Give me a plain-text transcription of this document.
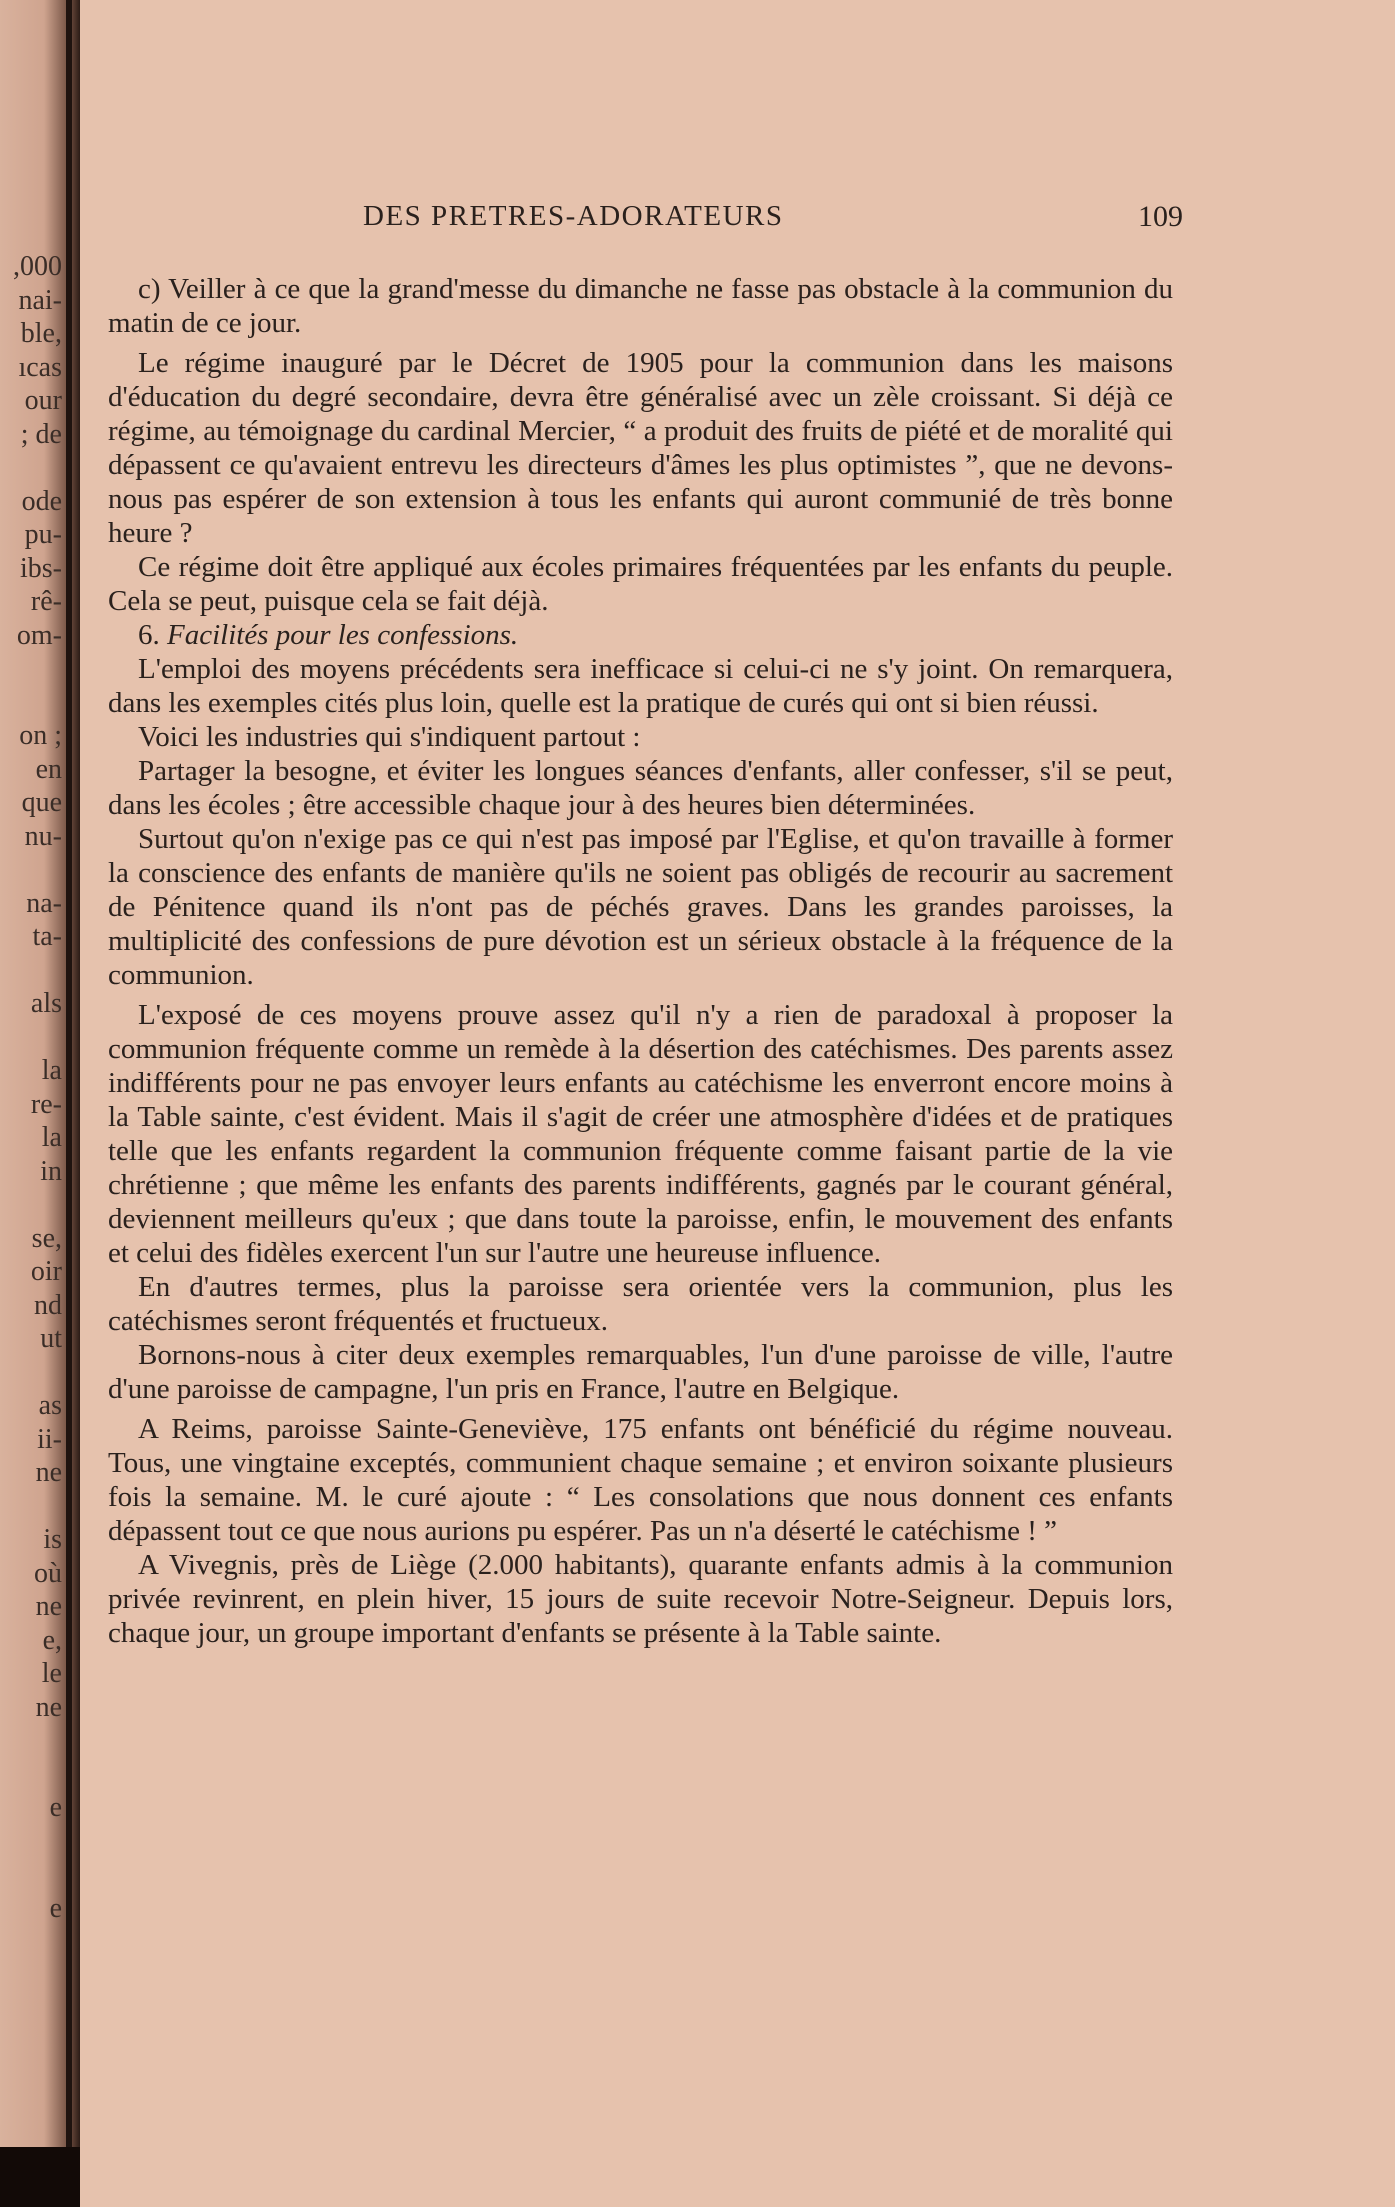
,000
nai-
ble,
ıcas
our
; de
ode
pu-
ibs-
rê-
om-
on ;
en
que
nu-
na-
ta-
als
la
re-
la
in
se,
oir
nd
ut
as
ii-
ne
is
où
ne
e,
le
ne
e
e
DES PRETRES-ADORATEURS	109

c) Veiller à ce que la grand'messe du dimanche ne fasse pas obstacle à la communion du matin de ce jour.

Le régime inauguré par le Décret de 1905 pour la communion dans les maisons d'éducation du degré secondaire, devra être généralisé avec un zèle croissant. Si déjà ce régime, au témoignage du cardinal Mercier, “ a produit des fruits de piété et de moralité qui dépassent ce qu'avaient entrevu les directeurs d'âmes les plus optimistes ”, que ne devons-nous pas espérer de son extension à tous les enfants qui auront communié de très bonne heure ?

Ce régime doit être appliqué aux écoles primaires fréquentées par les enfants du peuple. Cela se peut, puisque cela se fait déjà.

6. Facilités pour les confessions.

L'emploi des moyens précédents sera inefficace si celui-ci ne s'y joint. On remarquera, dans les exemples cités plus loin, quelle est la pratique de curés qui ont si bien réussi.

Voici les industries qui s'indiquent partout :

Partager la besogne, et éviter les longues séances d'enfants, aller confesser, s'il se peut, dans les écoles ; être accessible chaque jour à des heures bien déterminées.

Surtout qu'on n'exige pas ce qui n'est pas imposé par l'Eglise, et qu'on travaille à former la conscience des enfants de manière qu'ils ne soient pas obligés de recourir au sacrement de Pénitence quand ils n'ont pas de péchés graves. Dans les grandes paroisses, la multiplicité des confessions de pure dévotion est un sérieux obstacle à la fréquence de la communion.

L'exposé de ces moyens prouve assez qu'il n'y a rien de paradoxal à proposer la communion fréquente comme un remède à la désertion des catéchismes. Des parents assez indifférents pour ne pas envoyer leurs enfants au catéchisme les enverront encore moins à la Table sainte, c'est évident. Mais il s'agit de créer une atmosphère d'idées et de pratiques telle que les enfants regardent la communion fréquente comme faisant partie de la vie chrétienne ; que même les enfants des parents indifférents, gagnés par le courant général, deviennent meilleurs qu'eux ; que dans toute la paroisse, enfin, le mouvement des enfants et celui des fidèles exercent l'un sur l'autre une heureuse influence.

En d'autres termes, plus la paroisse sera orientée vers la communion, plus les catéchismes seront fréquentés et fructueux.

Bornons-nous à citer deux exemples remarquables, l'un d'une paroisse de ville, l'autre d'une paroisse de campagne, l'un pris en France, l'autre en Belgique.

A Reims, paroisse Sainte-Geneviève, 175 enfants ont bénéficié du régime nouveau. Tous, une vingtaine exceptés, communient chaque semaine ; et environ soixante plusieurs fois la semaine. M. le curé ajoute : “ Les consolations que nous donnent ces enfants dépassent tout ce que nous aurions pu espérer. Pas un n'a déserté le catéchisme ! ”

A Vivegnis, près de Liège (2.000 habitants), quarante enfants admis à la communion privée revinrent, en plein hiver, 15 jours de suite recevoir Notre-Seigneur. Depuis lors, chaque jour, un groupe important d'enfants se présente à la Table sainte.
